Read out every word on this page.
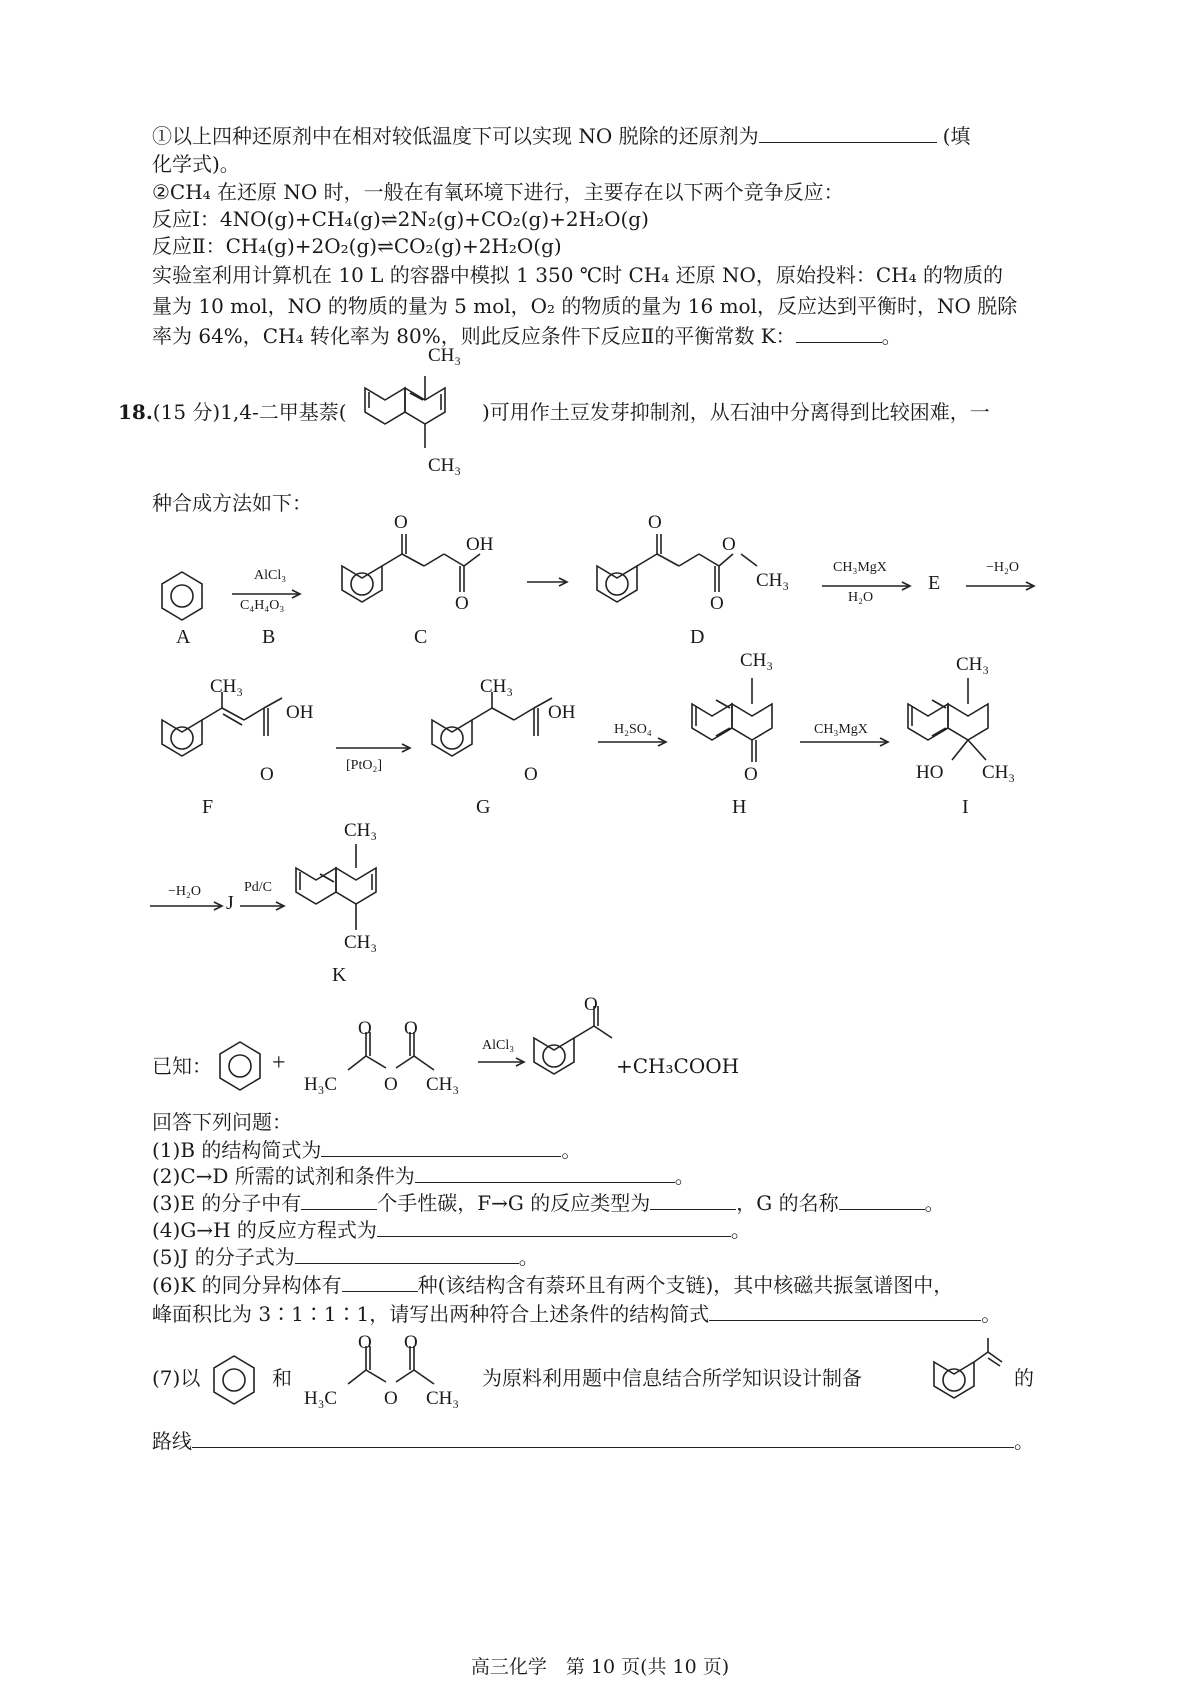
①以上四种还原剂中在相对较低温度下可以实现 NO 脱除的还原剂为	(填
化学式)。
②CH₄ 在还原 NO 时，一般在有氧环境下进行，主要存在以下两个竞争反应：
反应Ⅰ：4NO(g)+CH₄(g)⇌2N₂(g)+CO₂(g)+2H₂O(g)
反应Ⅱ：CH₄(g)+2O₂(g)⇌CO₂(g)+2H₂O(g)
实验室利用计算机在 10 L 的容器中模拟 1 350 ℃时 CH₄ 还原 NO，原始投料：CH₄ 的物质的
量为 10 mol，NO 的物质的量为 5 mol，O₂ 的物质的量为 16 mol，反应达到平衡时，NO 脱除
率为 64%，CH₄ 转化率为 80%，则此反应条件下反应Ⅱ的平衡常数 K：	。
18.(15 分)1,4-二甲基萘(
CH₃
CH₃
)可用作土豆发芽抑制剂，从石油中分离得到比较困难，一
种合成方法如下：
A
AlCl₃
C₄H₄O₃
B
O
OH
O
C
O
O
O
CH₃
D
CH₃MgX
H₂O
E
−H₂O
CH₃
OH
O
F
[PtO₂]
CH₃
OH
O
G
H₂SO₄
CH₃
O
H
CH₃MgX
CH₃
HO CH₃
I
−H₂O
J
Pd/C
CH₃
CH₃
K
已知：	+
O O
H₃C O CH₃
AlCl₃
O
+CH₃COOH
回答下列问题：
(1)B 的结构简式为	。
(2)C→D 所需的试剂和条件为	。
(3)E 的分子中有	个手性碳，F→G 的反应类型为	，G 的名称	。
(4)G→H 的反应方程式为	。
(5)J 的分子式为	。
(6)K 的同分异构体有	种(该结构含有萘环且有两个支链)，其中核磁共振氢谱图中，
峰面积比为 3∶1∶1∶1，请写出两种符合上述条件的结构简式	。
(7)以	和
O O
H₃C O CH₃
为原料利用题中信息结合所学知识设计制备	的
路线	。
高三化学　第 10 页(共 10 页)
